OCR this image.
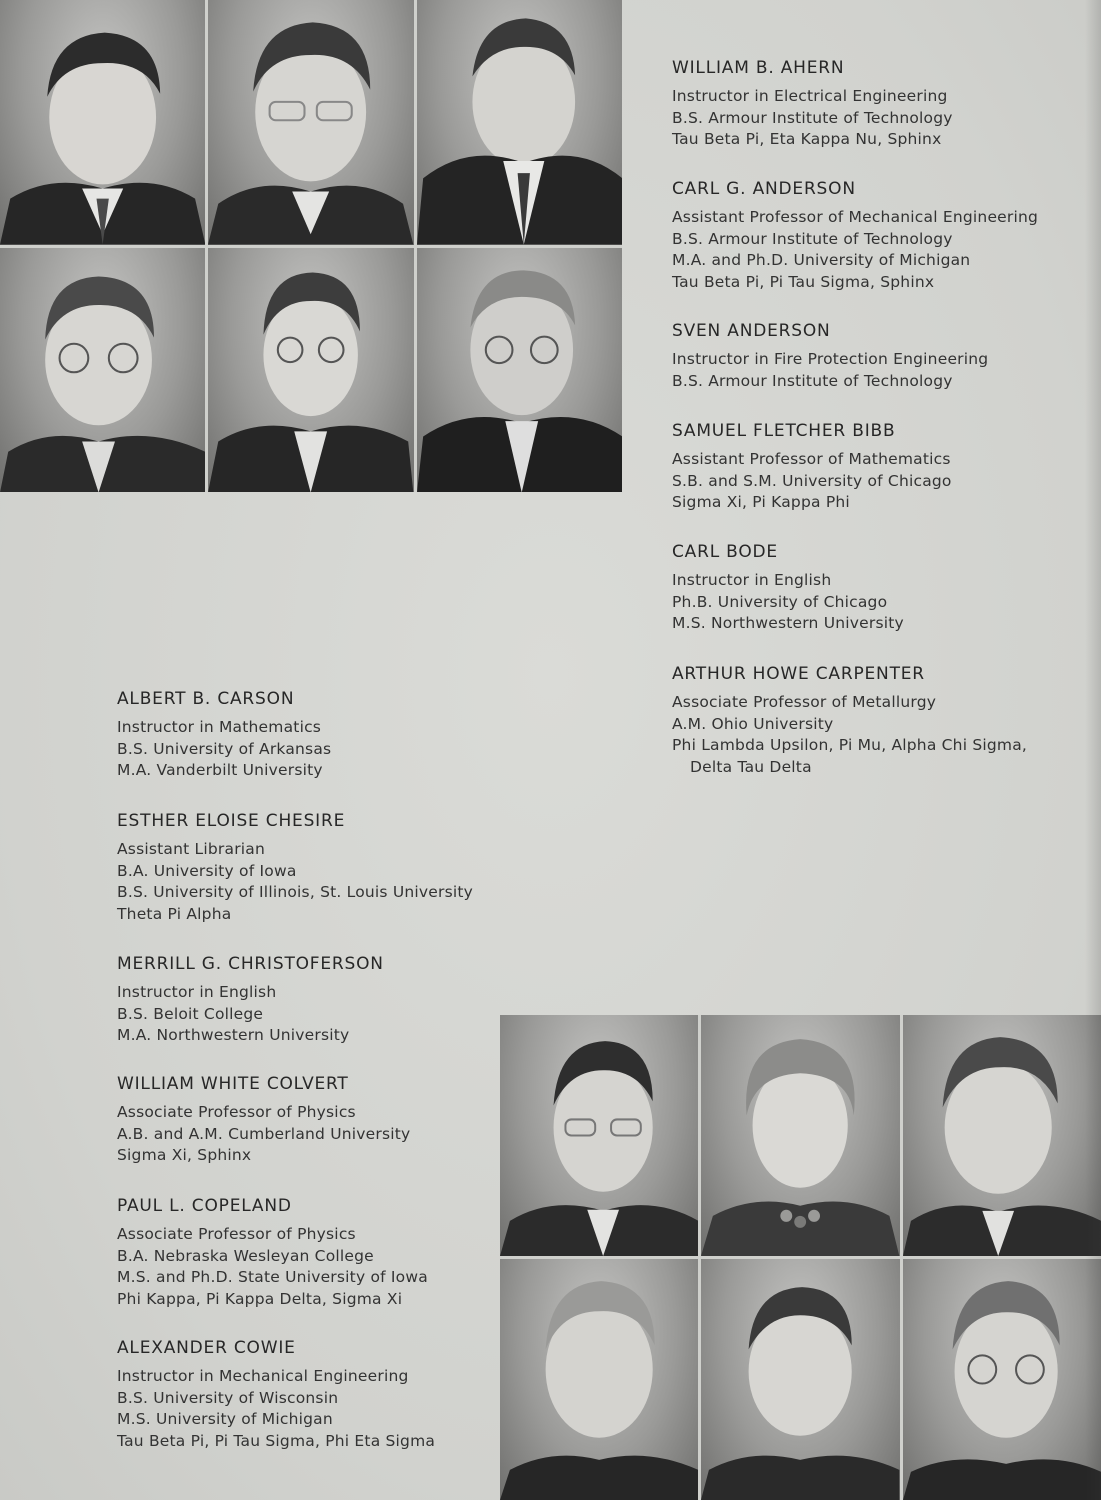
WILLIAM B. AHERN
Instructor in Electrical Engineering
B.S. Armour Institute of Technology
Tau Beta Pi, Eta Kappa Nu, Sphinx
CARL G. ANDERSON
Assistant Professor of Mechanical Engineering
B.S. Armour Institute of Technology
M.A. and Ph.D. University of Michigan
Tau Beta Pi, Pi Tau Sigma, Sphinx
SVEN ANDERSON
Instructor in Fire Protection Engineering
B.S. Armour Institute of Technology
SAMUEL FLETCHER BIBB
Assistant Professor of Mathematics
S.B. and S.M. University of Chicago
Sigma Xi, Pi Kappa Phi
CARL BODE
Instructor in English
Ph.B. University of Chicago
M.S. Northwestern University
ARTHUR HOWE CARPENTER
Associate Professor of Metallurgy
A.M. Ohio University
Phi Lambda Upsilon, Pi Mu, Alpha Chi Sigma,
Delta Tau Delta
ALBERT B. CARSON
Instructor in Mathematics
B.S. University of Arkansas
M.A. Vanderbilt University
ESTHER ELOISE CHESIRE
Assistant Librarian
B.A. University of Iowa
B.S. University of Illinois, St. Louis University
Theta Pi Alpha
MERRILL G. CHRISTOFERSON
Instructor in English
B.S. Beloit College
M.A. Northwestern University
WILLIAM WHITE COLVERT
Associate Professor of Physics
A.B. and A.M. Cumberland University
Sigma Xi, Sphinx
PAUL L. COPELAND
Associate Professor of Physics
B.A. Nebraska Wesleyan College
M.S. and Ph.D. State University of Iowa
Phi Kappa, Pi Kappa Delta, Sigma Xi
ALEXANDER COWIE
Instructor in Mechanical Engineering
B.S. University of Wisconsin
M.S. University of Michigan
Tau Beta Pi, Pi Tau Sigma, Phi Eta Sigma
